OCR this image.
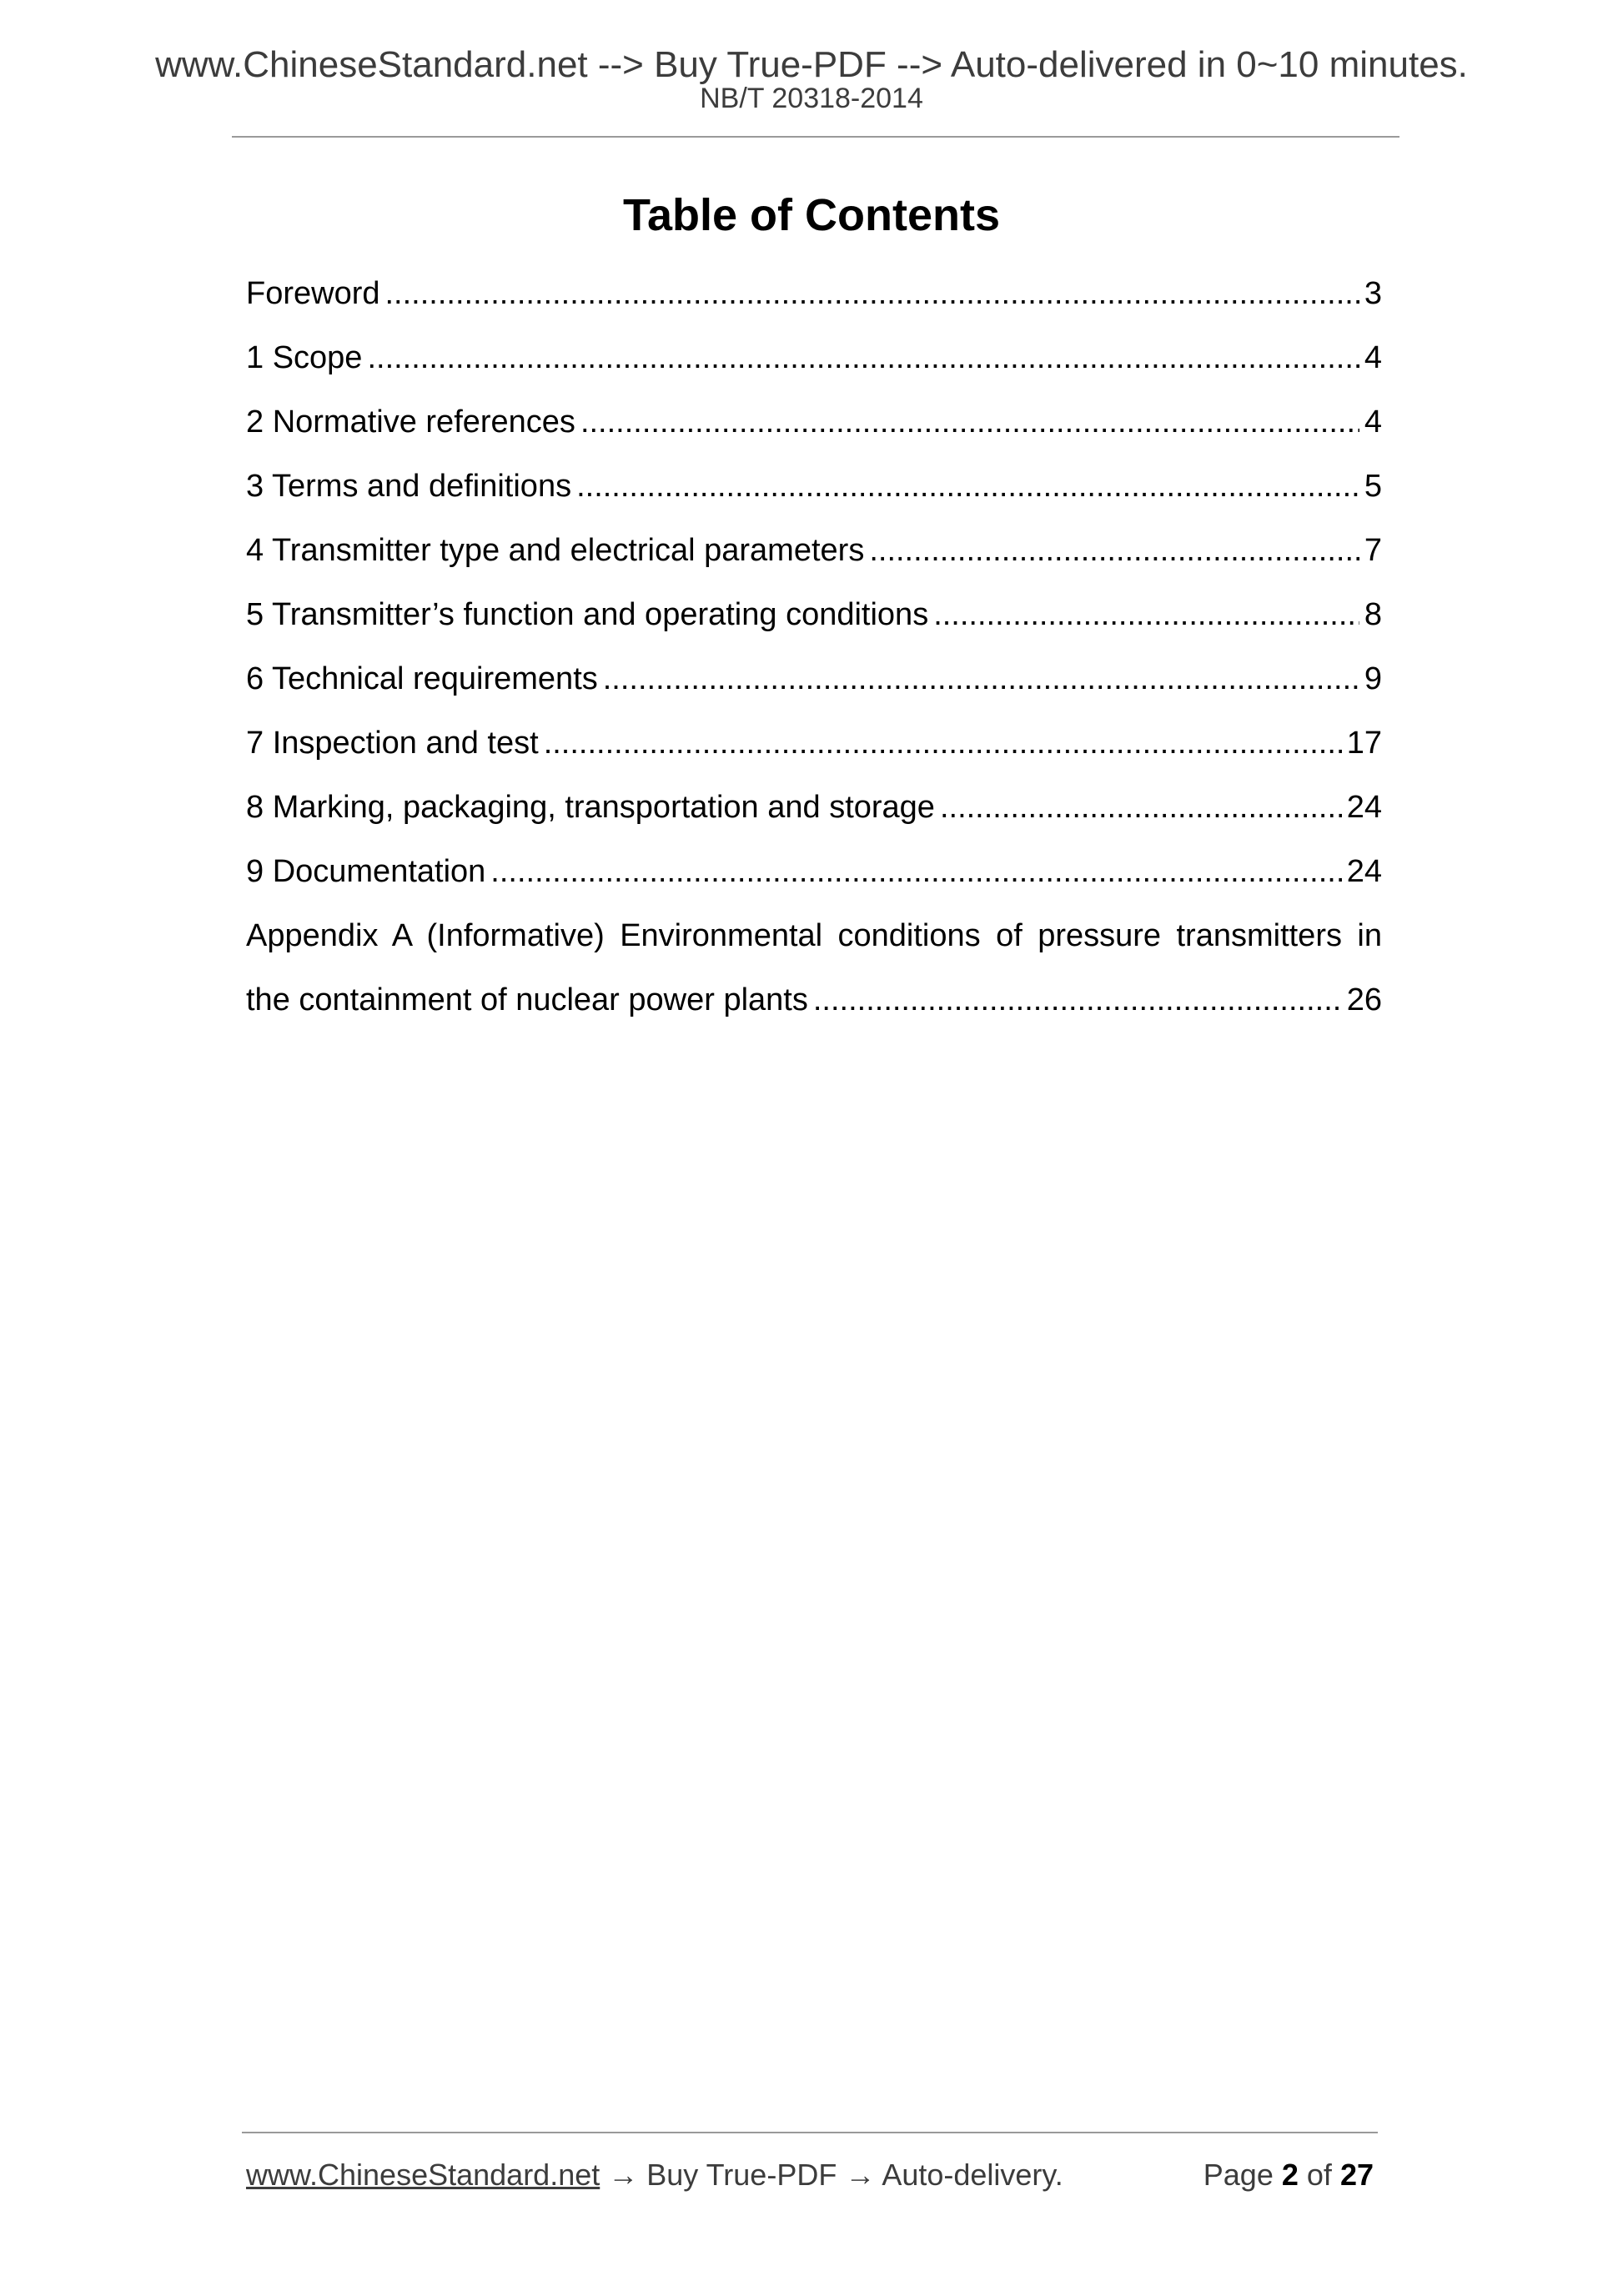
www.ChineseStandard.net --> Buy True-PDF --> Auto-delivered in 0~10 minutes.
NB/T 20318-2014
Table of Contents
Foreword .....	3
1 Scope .....	4
2 Normative references .....	4
3 Terms and definitions .....	5
4 Transmitter type and electrical parameters .....	7
5 Transmitter’s function and operating conditions .....	8
6 Technical requirements .....	9
7 Inspection and test .....	17
8 Marking, packaging, transportation and storage .....	24
9 Documentation .....	24
Appendix A (Informative) Environmental conditions of pressure transmitters in
the containment of nuclear power plants .....	26
www.ChineseStandard.net → Buy True-PDF → Auto-delivery.	Page 2 of 27
